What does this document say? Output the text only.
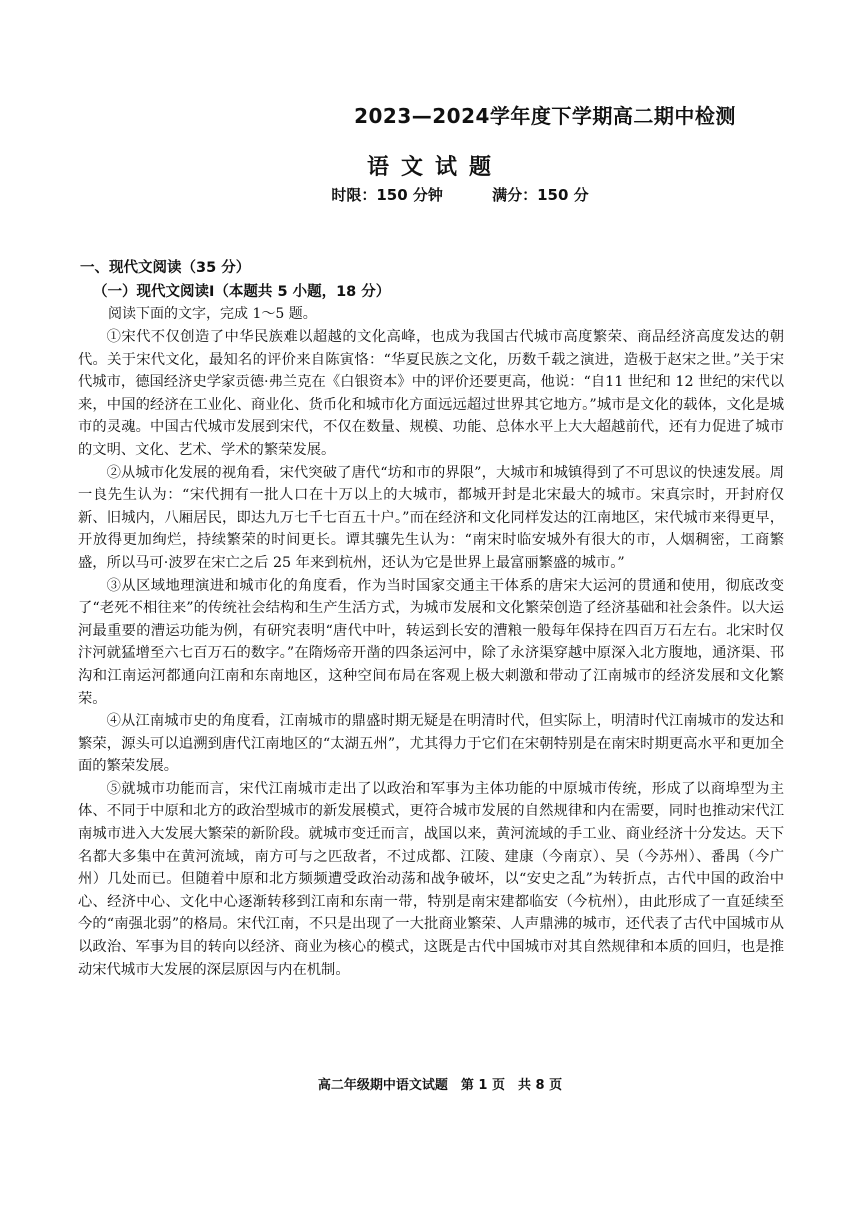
2023—2024学年度下学期高二期中检测
语文试题
时限：150 分钟	满分：150 分
一、现代文阅读（35 分）
（一）现代文阅读Ⅰ（本题共 5 小题，18 分）
阅读下面的文字，完成 1～5 题。

①宋代不仅创造了中华民族难以超越的文化高峰，也成为我国古代城市高度繁荣、商品经济高度发达的朝代。关于宋代文化，最知名的评价来自陈寅恪：“华夏民族之文化，历数千载之演进，造极于赵宋之世。”关于宋代城市，德国经济史学家贡德·弗兰克在《白银资本》中的评价还要更高，他说：“自11 世纪和 12 世纪的宋代以来，中国的经济在工业化、商业化、货币化和城市化方面远远超过世界其它地方。”城市是文化的载体，文化是城市的灵魂。中国古代城市发展到宋代，不仅在数量、规模、功能、总体水平上大大超越前代，还有力促进了城市的文明、文化、艺术、学术的繁荣发展。

②从城市化发展的视角看，宋代突破了唐代“坊和市的界限”，大城市和城镇得到了不可思议的快速发展。周一良先生认为：“宋代拥有一批人口在十万以上的大城市，都城开封是北宋最大的城市。宋真宗时，开封府仅新、旧城内，八厢居民，即达九万七千七百五十户。”而在经济和文化同样发达的江南地区，宋代城市来得更早，开放得更加绚烂，持续繁荣的时间更长。谭其骧先生认为：“南宋时临安城外有很大的市，人烟稠密，工商繁盛，所以马可·波罗在宋亡之后 25 年来到杭州，还认为它是世界上最富丽繁盛的城市。”

③从区域地理演进和城市化的角度看，作为当时国家交通主干体系的唐宋大运河的贯通和使用，彻底改变了“老死不相往来”的传统社会结构和生产生活方式，为城市发展和文化繁荣创造了经济基础和社会条件。以大运河最重要的漕运功能为例，有研究表明“唐代中叶，转运到长安的漕粮一般每年保持在四百万石左右。北宋时仅汴河就猛增至六七百万石的数字。”在隋炀帝开凿的四条运河中，除了永济渠穿越中原深入北方腹地，通济渠、邗沟和江南运河都通向江南和东南地区，这种空间布局在客观上极大刺激和带动了江南城市的经济发展和文化繁荣。

④从江南城市史的角度看，江南城市的鼎盛时期无疑是在明清时代，但实际上，明清时代江南城市的发达和繁荣，源头可以追溯到唐代江南地区的“太湖五州”，尤其得力于它们在宋朝特别是在南宋时期更高水平和更加全面的繁荣发展。

⑤就城市功能而言，宋代江南城市走出了以政治和军事为主体功能的中原城市传统，形成了以商埠型为主体、不同于中原和北方的政治型城市的新发展模式，更符合城市发展的自然规律和内在需要，同时也推动宋代江南城市进入大发展大繁荣的新阶段。就城市变迁而言，战国以来，黄河流域的手工业、商业经济十分发达。天下名都大多集中在黄河流域，南方可与之匹敌者，不过成都、江陵、建康（今南京）、吴（今苏州）、番禺（今广州）几处而已。但随着中原和北方频频遭受政治动荡和战争破坏，以“安史之乱”为转折点，古代中国的政治中心、经济中心、文化中心逐渐转移到江南和东南一带，特别是南宋建都临安（今杭州），由此形成了一直延续至今的“南强北弱”的格局。宋代江南，不只是出现了一大批商业繁荣、人声鼎沸的城市，还代表了古代中国城市从以政治、军事为目的转向以经济、商业为核心的模式，这既是古代中国城市对其自然规律和本质的回归，也是推动宋代城市大发展的深层原因与内在机制。

高二年级期中语文试题　第 1 页　共 8 页
